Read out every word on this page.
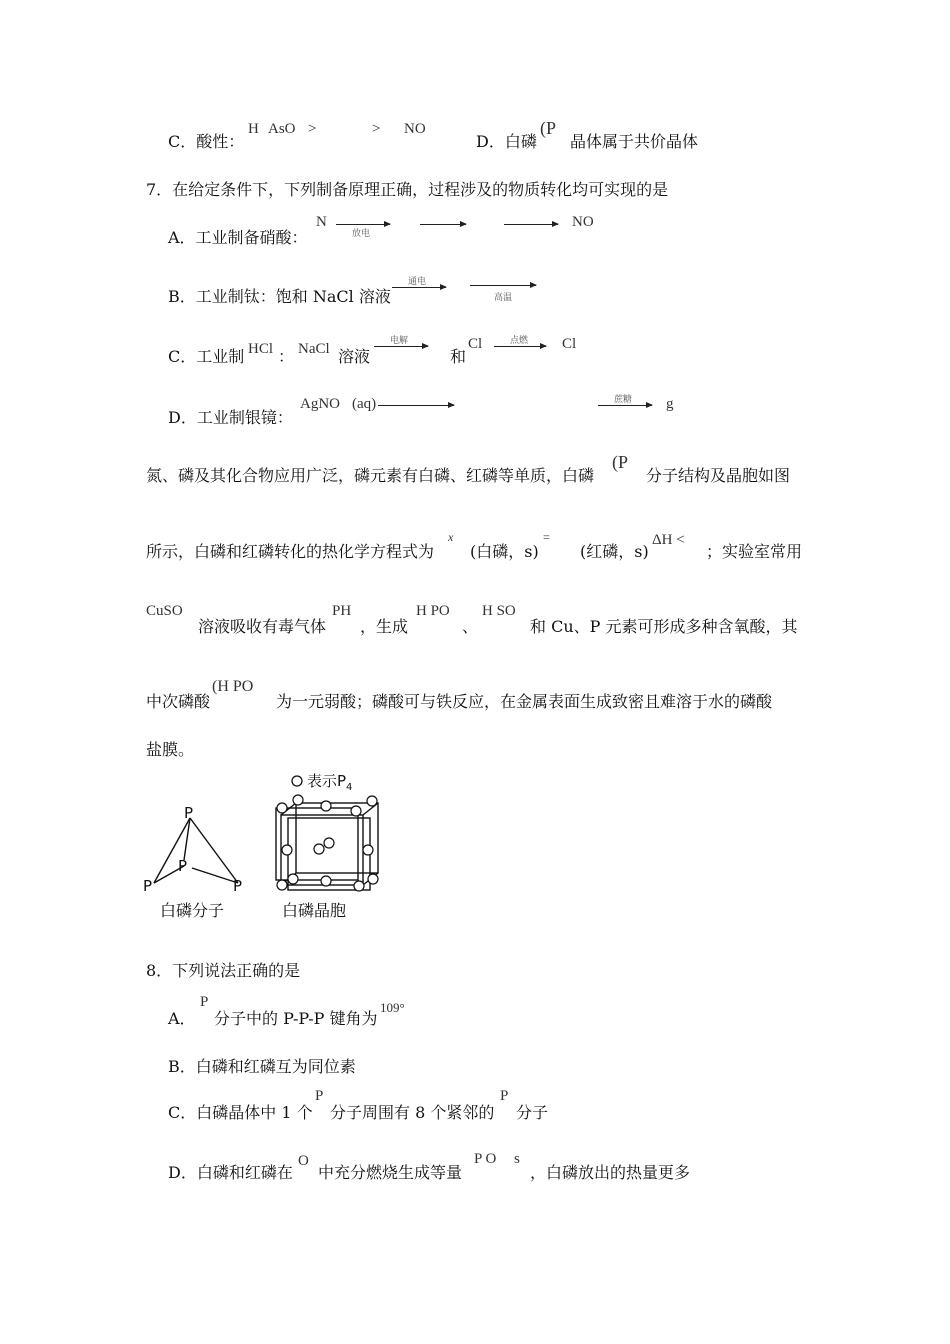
C．酸性：
H AsO >	> NO
D．白磷
(P
晶体属于共价晶体
7．在给定条件下，下列制备原理正确，过程涉及的物质转化均可实现的是
A．工业制备硝酸：
N
放电
NO
B．工业制钛：饱和 NaCl 溶液
通电
高温
C．工业制 HCl ： NaCl 溶液
电解
和
Cl	点燃 Cl
D．工业制银镜：
AgNO (aq)	蔗糖 g
氮、磷及其化合物应用广泛，磷元素有白磷、红磷等单质，白磷
(P
分子结构及晶胞如图
所示，白磷和红磷转化的热化学方程式为
x
(白磷，s)
=
(红磷，s)
ΔH <
；实验室常用
CuSO
溶液吸收有毒气体
PH
，生成
H PO
、
H SO
和 Cu、P 元素可形成多种含氧酸，其
中次磷酸
(H PO
为一元弱酸；磷酸可与铁反应，在金属表面生成致密且难溶于水的磷酸
盐膜。
P
P
P	P
表示$P_4$
白磷分子	白磷晶胞
8．下列说法正确的是
A．
P
分子中的 P-P-P 键角为
109°
B．白磷和红磷互为同位素
C．白磷晶体中 1 个
P
分子周围有 8 个紧邻的
P
分子
D．白磷和红磷在
O
中充分燃烧生成等量
P O s
，白磷放出的热量更多
